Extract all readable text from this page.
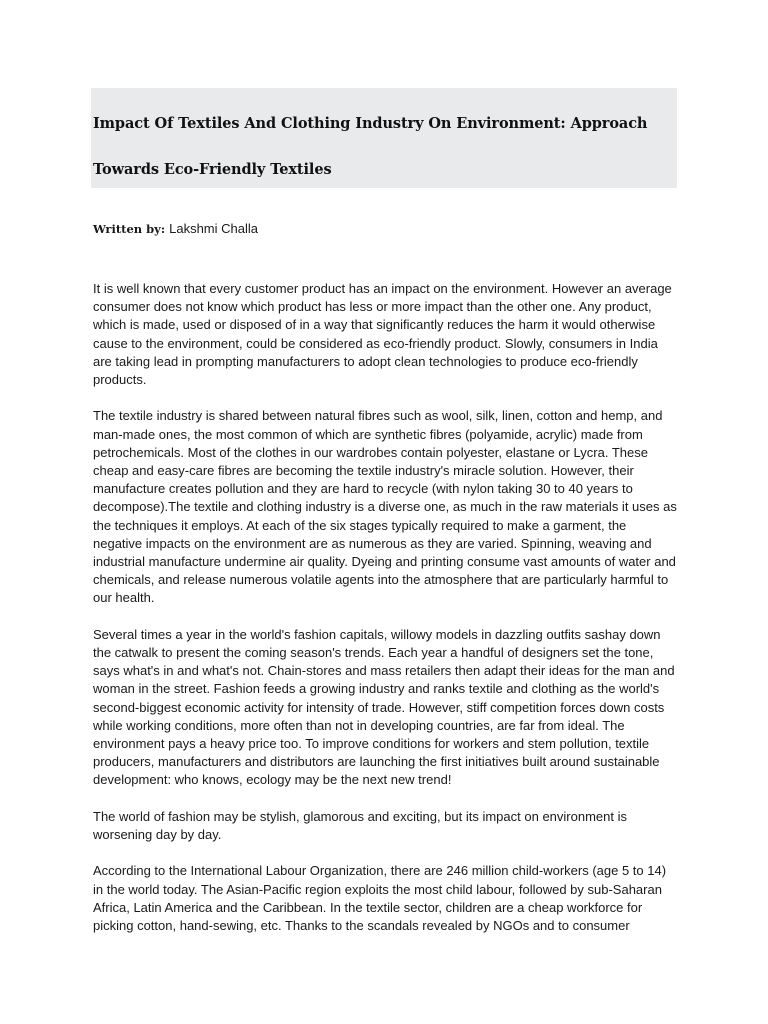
Impact Of Textiles And Clothing Industry On Environment: Approach
Towards Eco-Friendly Textiles
Written by: Lakshmi Challa

It is well known that every customer product has an impact on the environment. However an average
consumer does not know which product has less or more impact than the other one. Any product,
which is made, used or disposed of in a way that significantly reduces the harm it would otherwise
cause to the environment, could be considered as eco-friendly product. Slowly, consumers in India
are taking lead in prompting manufacturers to adopt clean technologies to produce eco-friendly
products.

The textile industry is shared between natural fibres such as wool, silk, linen, cotton and hemp, and
man-made ones, the most common of which are synthetic fibres (polyamide, acrylic) made from
petrochemicals. Most of the clothes in our wardrobes contain polyester, elastane or Lycra. These
cheap and easy-care fibres are becoming the textile industry's miracle solution. However, their
manufacture creates pollution and they are hard to recycle (with nylon taking 30 to 40 years to
decompose).The textile and clothing industry is a diverse one, as much in the raw materials it uses as
the techniques it employs. At each of the six stages typically required to make a garment, the
negative impacts on the environment are as numerous as they are varied. Spinning, weaving and
industrial manufacture undermine air quality. Dyeing and printing consume vast amounts of water and
chemicals, and release numerous volatile agents into the atmosphere that are particularly harmful to
our health.

Several times a year in the world's fashion capitals, willowy models in dazzling outfits sashay down
the catwalk to present the coming season's trends. Each year a handful of designers set the tone,
says what's in and what's not. Chain-stores and mass retailers then adapt their ideas for the man and
woman in the street. Fashion feeds a growing industry and ranks textile and clothing as the world's
second-biggest economic activity for intensity of trade. However, stiff competition forces down costs
while working conditions, more often than not in developing countries, are far from ideal. The
environment pays a heavy price too. To improve conditions for workers and stem pollution, textile
producers, manufacturers and distributors are launching the first initiatives built around sustainable
development: who knows, ecology may be the next new trend!

The world of fashion may be stylish, glamorous and exciting, but its impact on environment is
worsening day by day.

According to the International Labour Organization, there are 246 million child-workers (age 5 to 14)
in the world today. The Asian-Pacific region exploits the most child labour, followed by sub-Saharan
Africa, Latin America and the Caribbean. In the textile sector, children are a cheap workforce for
picking cotton, hand-sewing, etc. Thanks to the scandals revealed by NGOs and to consumer
